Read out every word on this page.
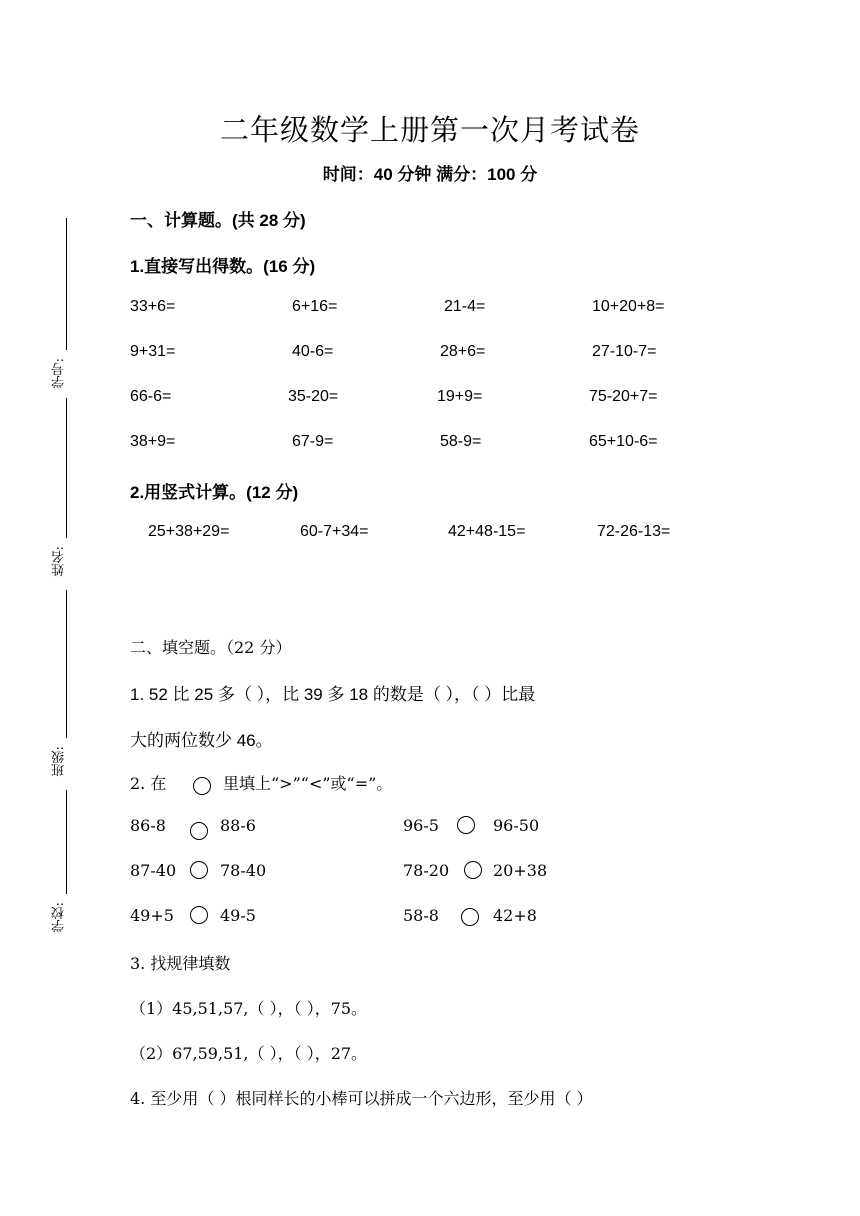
学号:
姓名:
班级:
学校:
二年级数学上册第一次月考试卷
时间：40 分钟 满分：100 分
一、计算题。(共 28 分)
1.直接写出得数。(16 分)
33+6=	6+16=	21-4=	10+20+8=
9+31=	40-6=	28+6=	27-10-7=
66-6=	35-20=	19+9=	75-20+7=
38+9=	67-9=	58-9=	65+10-6=
2.用竖式计算。(12 分)
25+38+29=	60-7+34=	42+48-15=	72-26-13=
二、填空题。（22 分）
1. 52 比 25 多（ ），比 39 多 18 的数是（ ），（ ）比最
大的两位数少 46。
2. 在	里填上“>”“<”或“=”。
86-8	88-6	96-5	96-50
87-40	78-40	78-20	20+38
49+5	49-5	58-8	42+8
3. 找规律填数
（1）45,51,57,（ ），（ ），75。
（2）67,59,51,（ ），（ ），27。
4. 至少用（ ）根同样长的小棒可以拼成一个六边形，至少用（ ）
